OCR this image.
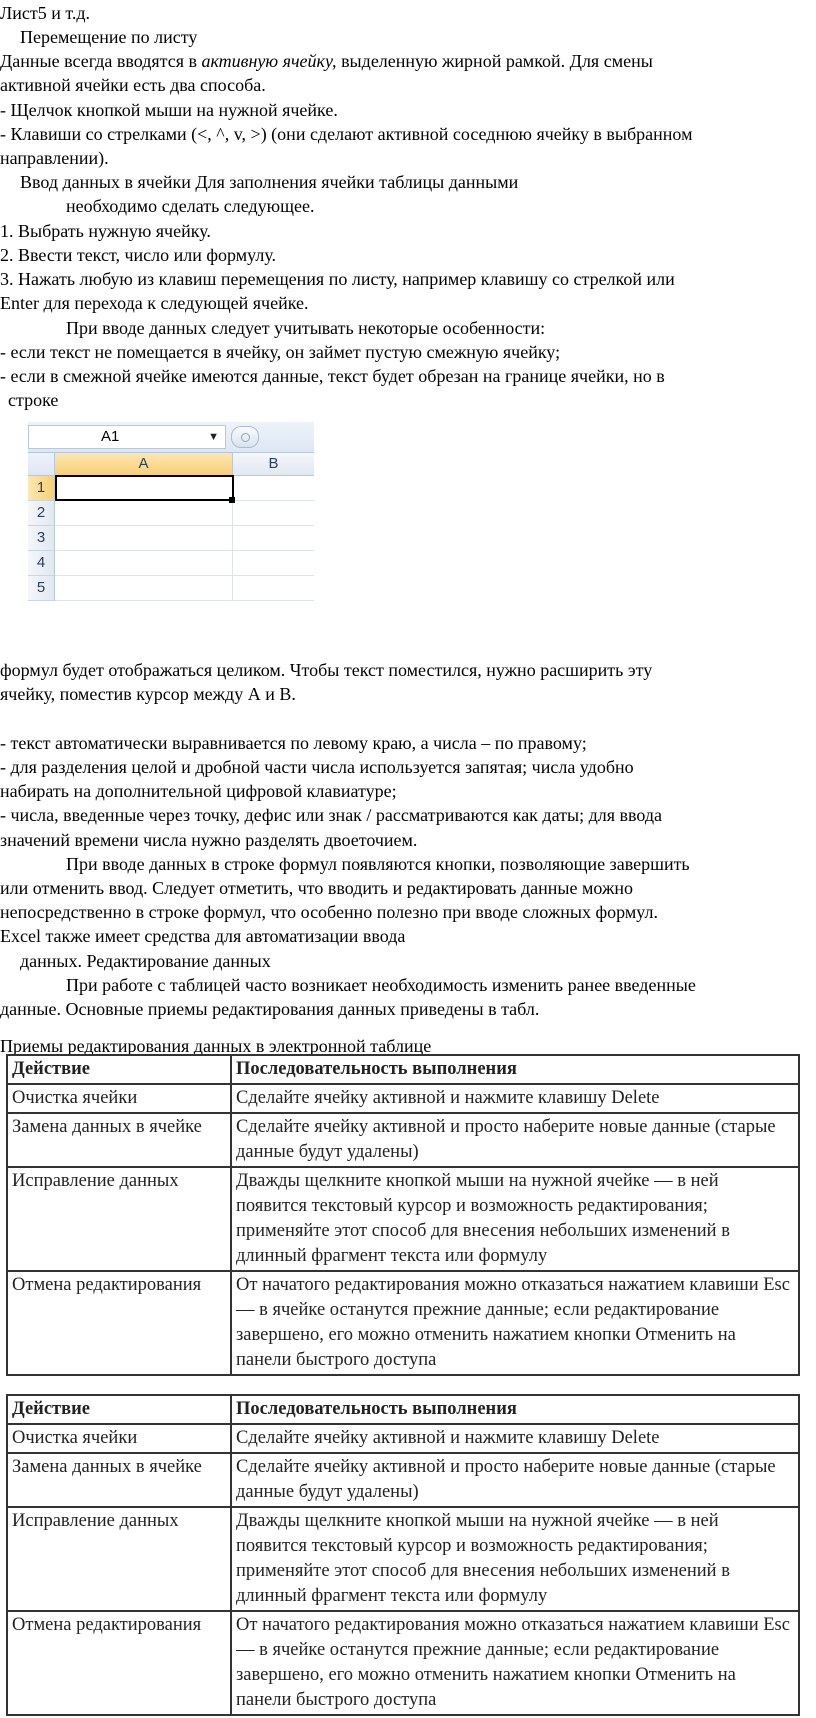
Лист5 и т.д.
Перемещение по листу
Данные всегда вводятся в активную ячейку, выделенную жирной рамкой. Для смены
активной ячейки есть два способа.
- Щелчок кнопкой мыши на нужной ячейке.
- Клавиши со стрелками (<, ^, v, >) (они сделают активной соседнюю ячейку в выбранном
направлении).
Ввод данных в ячейки Для заполнения ячейки таблицы данными
необходимо сделать следующее.
1. Выбрать нужную ячейку.
2. Ввести текст, число или формулу.
3. Нажать любую из клавиш перемещения по листу, например клавишу со стрелкой или
Enter для перехода к следующей ячейке.
При вводе данных следует учитывать некоторые особенности:
- если текст не помещается в ячейку, он займет пустую смежную ячейку;
- если в смежной ячейке имеются данные, текст будет обрезан на границе ячейки, но в
строке
A1	▼
A	B
1
2
3
4
5
формул будет отображаться целиком. Чтобы текст поместился, нужно расширить эту
ячейку, поместив курсор между А и В.
- текст автоматически выравнивается по левому краю, а числа – по правому;
- для разделения целой и дробной части числа используется запятая; числа удобно
набирать на дополнительной цифровой клавиатуре;
- числа, введенные через точку, дефис или знак / рассматриваются как даты; для ввода
значений времени числа нужно разделять двоеточием.
При вводе данных в строке формул появляются кнопки, позволяющие завершить
или отменить ввод. Следует отметить, что вводить и редактировать данные можно
непосредственно в строке формул, что особенно полезно при вводе сложных формул.
Excel также имеет средства для автоматизации ввода
данных. Редактирование данных
При работе с таблицей часто возникает необходимость изменить ранее введенные
данные. Основные приемы редактирования данных приведены в табл.
Приемы редактирования данных в электронной таблице
Действие	Последовательность выполнения
Очистка ячейки	Сделайте ячейку активной и нажмите клавишу Delete
Замена данных в ячейке	Сделайте ячейку активной и просто наберите новые данные (старые данные будут удалены)
Исправление данных	Дважды щелкните кнопкой мыши на нужной ячейке — в ней появится текстовый курсор и возможность редактирования; применяйте этот способ для внесения небольших изменений в длинный фрагмент текста или формулу
Отмена редактирования	От начатого редактирования можно отказаться нажатием клавиши Esc — в ячейке останутся прежние данные; если редактирование завершено, его можно отменить нажатием кнопки Отменить на панели быстрого доступа
Действие	Последовательность выполнения
Очистка ячейки	Сделайте ячейку активной и нажмите клавишу Delete
Замена данных в ячейке	Сделайте ячейку активной и просто наберите новые данные (старые данные будут удалены)
Исправление данных	Дважды щелкните кнопкой мыши на нужной ячейке — в ней появится текстовый курсор и возможность редактирования; применяйте этот способ для внесения небольших изменений в длинный фрагмент текста или формулу
Отмена редактирования	От начатого редактирования можно отказаться нажатием клавиши Esc — в ячейке останутся прежние данные; если редактирование завершено, его можно отменить нажатием кнопки Отменить на панели быстрого доступа
